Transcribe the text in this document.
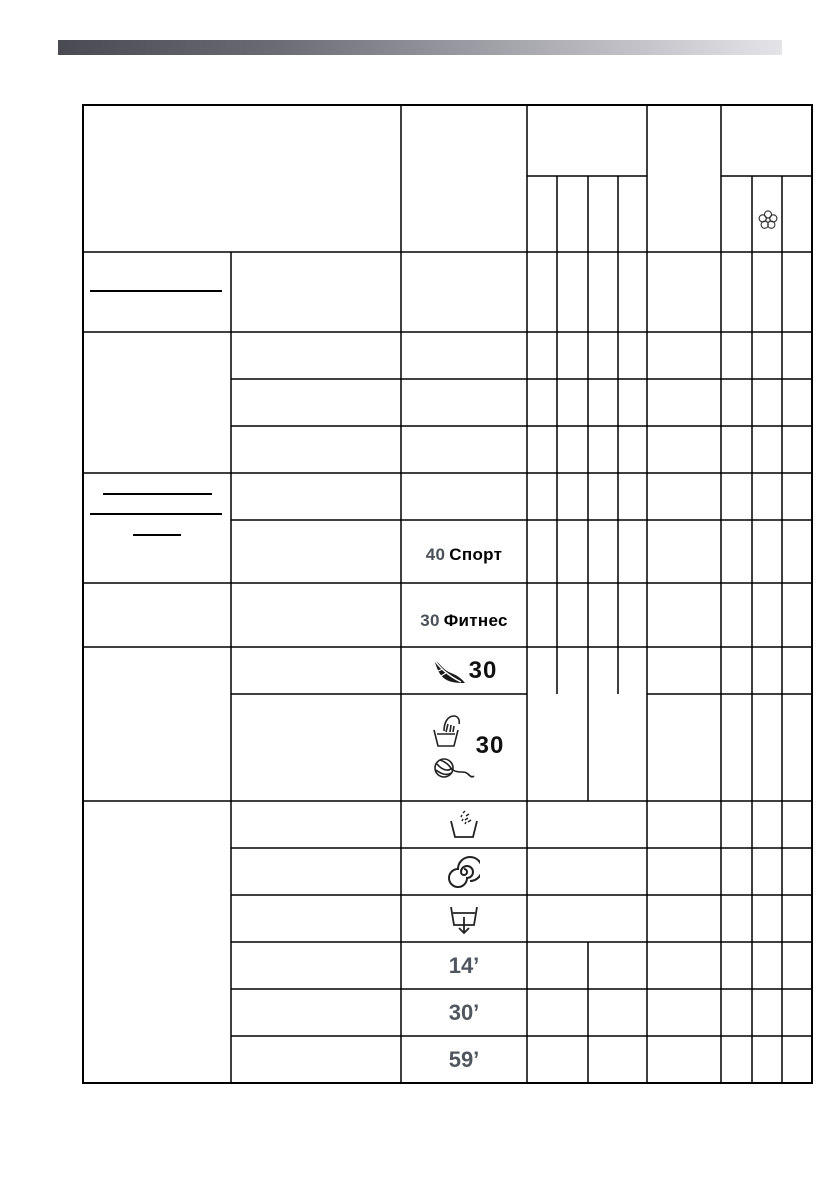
40 Спорт
30 Фитнес
30
30
14’
30’
59’
